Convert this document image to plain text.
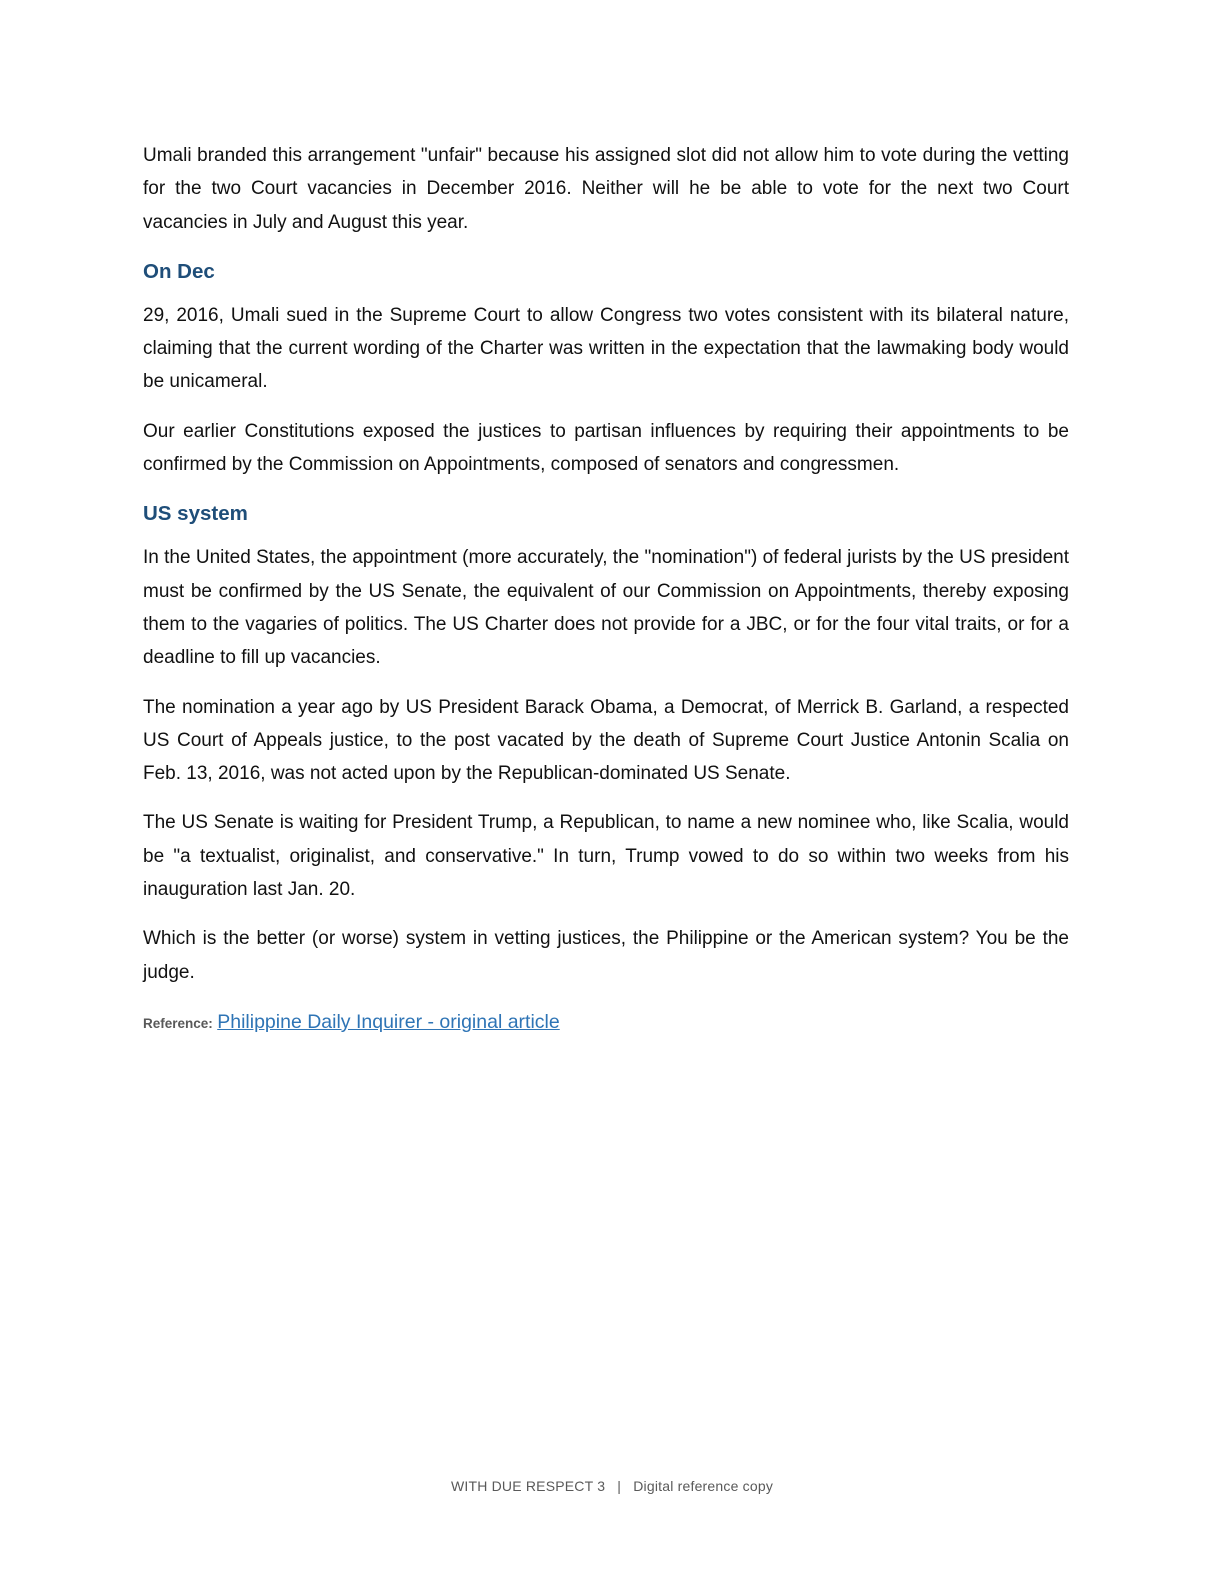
Umali branded this arrangement "unfair" because his assigned slot did not allow him to vote during the vetting for the two Court vacancies in December 2016. Neither will he be able to vote for the next two Court vacancies in July and August this year.

On Dec

29, 2016, Umali sued in the Supreme Court to allow Congress two votes consistent with its bilateral nature, claiming that the current wording of the Charter was written in the expectation that the lawmaking body would be unicameral.

Our earlier Constitutions exposed the justices to partisan influences by requiring their appointments to be confirmed by the Commission on Appointments, composed of senators and congressmen.

US system

In the United States, the appointment (more accurately, the "nomination") of federal jurists by the US president must be confirmed by the US Senate, the equivalent of our Commission on Appointments, thereby exposing them to the vagaries of politics. The US Charter does not provide for a JBC, or for the four vital traits, or for a deadline to fill up vacancies.

The nomination a year ago by US President Barack Obama, a Democrat, of Merrick B. Garland, a respected US Court of Appeals justice, to the post vacated by the death of Supreme Court Justice Antonin Scalia on Feb. 13, 2016, was not acted upon by the Republican-dominated US Senate.

The US Senate is waiting for President Trump, a Republican, to name a new nominee who, like Scalia, would be "a textualist, originalist, and conservative." In turn, Trump vowed to do so within two weeks from his inauguration last Jan. 20.

Which is the better (or worse) system in vetting justices, the Philippine or the American system? You be the judge.

Reference: Philippine Daily Inquirer - original article

WITH DUE RESPECT 3 | Digital reference copy
